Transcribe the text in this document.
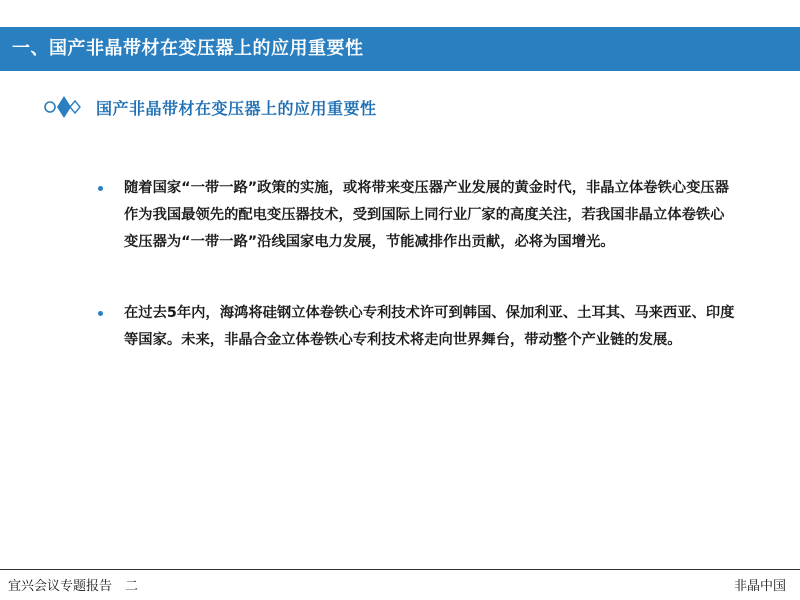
一、国产非晶带材在变压器上的应用重要性
国产非晶带材在变压器上的应用重要性
随着国家“一带一路”政策的实施，或将带来变压器产业发展的黄金时代，非晶立体卷铁心变压器作为我国最领先的配电变压器技术，受到国际上同行业厂家的高度关注，若我国非晶立体卷铁心变压器为“一带一路”沿线国家电力发展，节能减排作出贡献，必将为国增光。
在过去5年内，海鸿将硅钢立体卷铁心专利技术许可到韩国、保加利亚、土耳其、马来西亚、印度等国家。未来，非晶合金立体卷铁心专利技术将走向世界舞台，带动整个产业链的发展。
宜兴会议专题报告　二	非晶中国
